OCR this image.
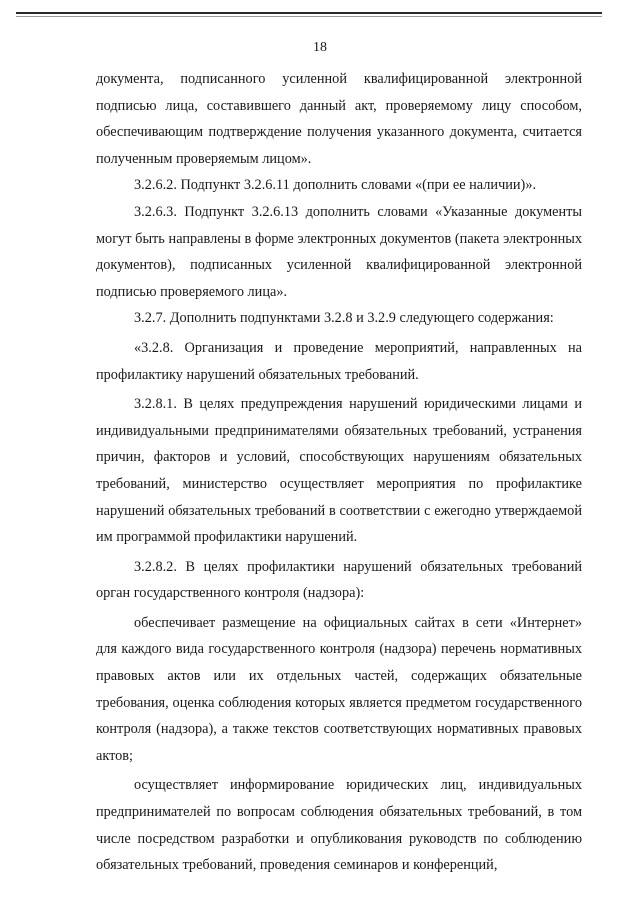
18

документа, подписанного усиленной квалифицированной электронной подписью лица, составившего данный акт, проверяемому лицу способом, обеспечивающим подтверждение получения указанного документа, считается полученным проверяемым лицом».

3.2.6.2. Подпункт 3.2.6.11 дополнить словами «(при ее наличии)».

3.2.6.3. Подпункт 3.2.6.13 дополнить словами «Указанные документы могут быть направлены в форме электронных документов (пакета электронных документов), подписанных усиленной квалифицированной электронной подписью проверяемого лица».

3.2.7. Дополнить подпунктами 3.2.8 и 3.2.9 следующего содержания:

«3.2.8. Организация и проведение мероприятий, направленных на профилактику нарушений обязательных требований.

3.2.8.1. В целях предупреждения нарушений юридическими лицами и индивидуальными предпринимателями обязательных требований, устранения причин, факторов и условий, способствующих нарушениям обязательных требований, министерство осуществляет мероприятия по профилактике нарушений обязательных требований в соответствии с ежегодно утверждаемой им программой профилактики нарушений.

3.2.8.2. В целях профилактики нарушений обязательных требований орган государственного контроля (надзора):

обеспечивает размещение на официальных сайтах в сети «Интернет» для каждого вида государственного контроля (надзора) перечень нормативных правовых актов или их отдельных частей, содержащих обязательные требования, оценка соблюдения которых является предметом государственного контроля (надзора), а также текстов соответствующих нормативных правовых актов;

осуществляет информирование юридических лиц, индивидуальных предпринимателей по вопросам соблюдения обязательных требований, в том числе посредством разработки и опубликования руководств по соблюдению обязательных требований, проведения семинаров и конференций,
